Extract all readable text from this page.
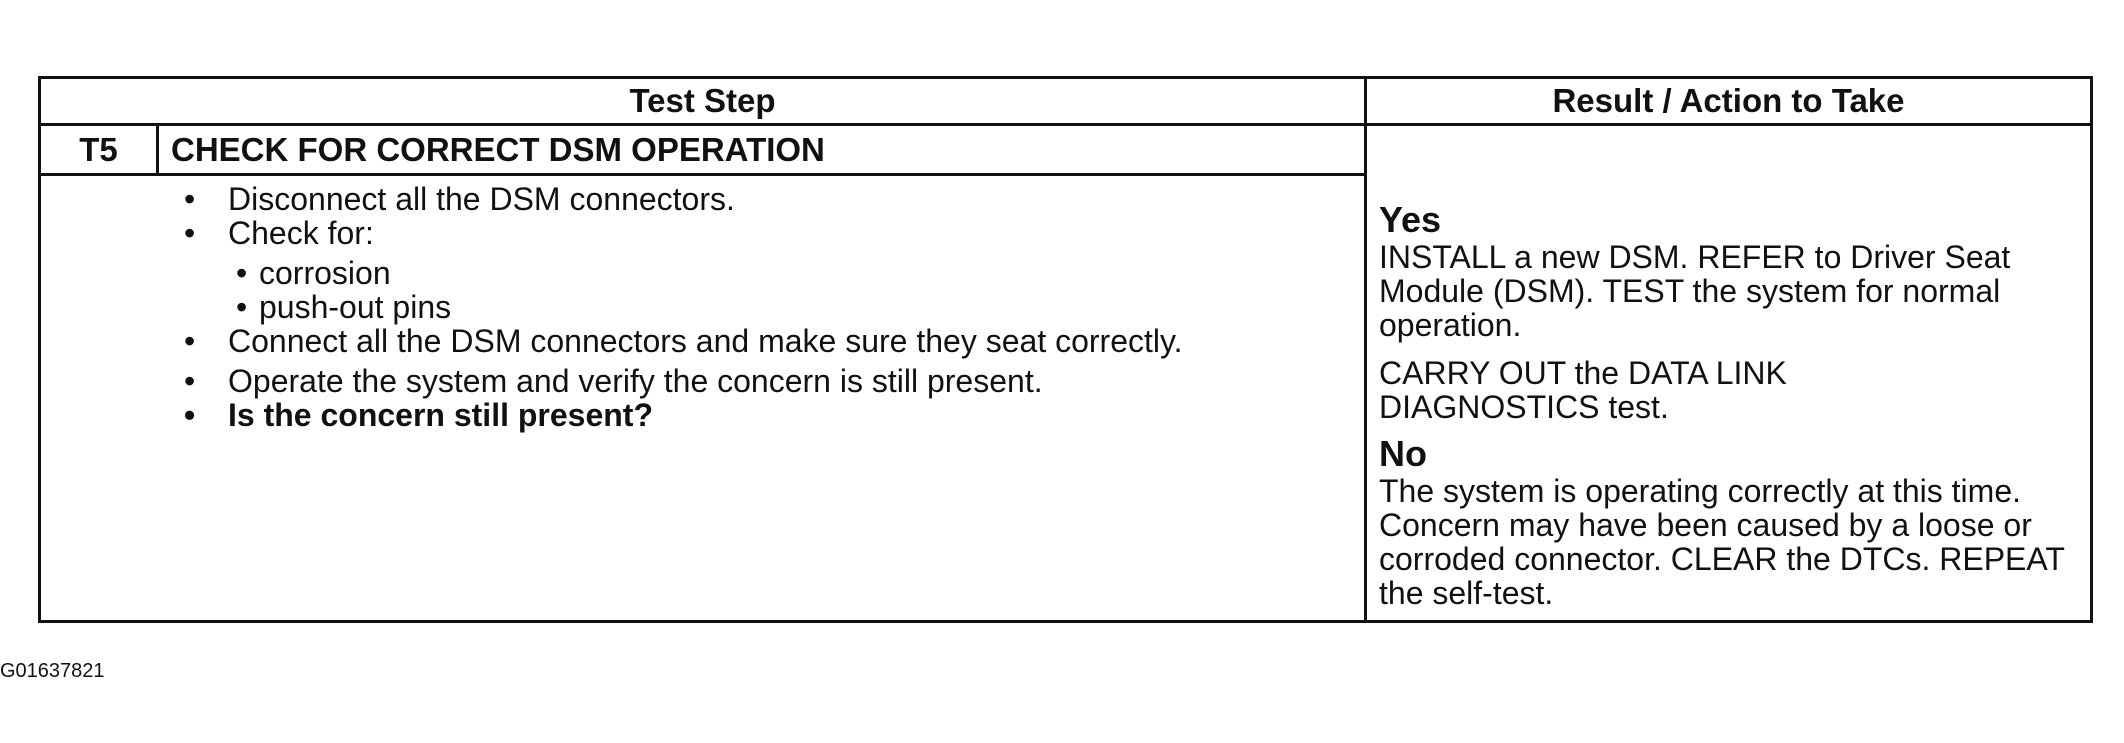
Test Step	Result / Action to Take
T5	CHECK FOR CORRECT DSM OPERATION
• Disconnect all the DSM connectors.
• Check for:
• corrosion
• push-out pins
• Connect all the DSM connectors and make sure they seat correctly.
• Operate the system and verify the concern is still present.
• Is the concern still present?
Yes

INSTALL a new DSM. REFER to Driver Seat Module (DSM). TEST the system for normal operation.

CARRY OUT the DATA LINK DIAGNOSTICS test.

No

The system is operating correctly at this time. Concern may have been caused by a loose or corroded connector. CLEAR the DTCs. REPEAT the self-test.

G01637821
